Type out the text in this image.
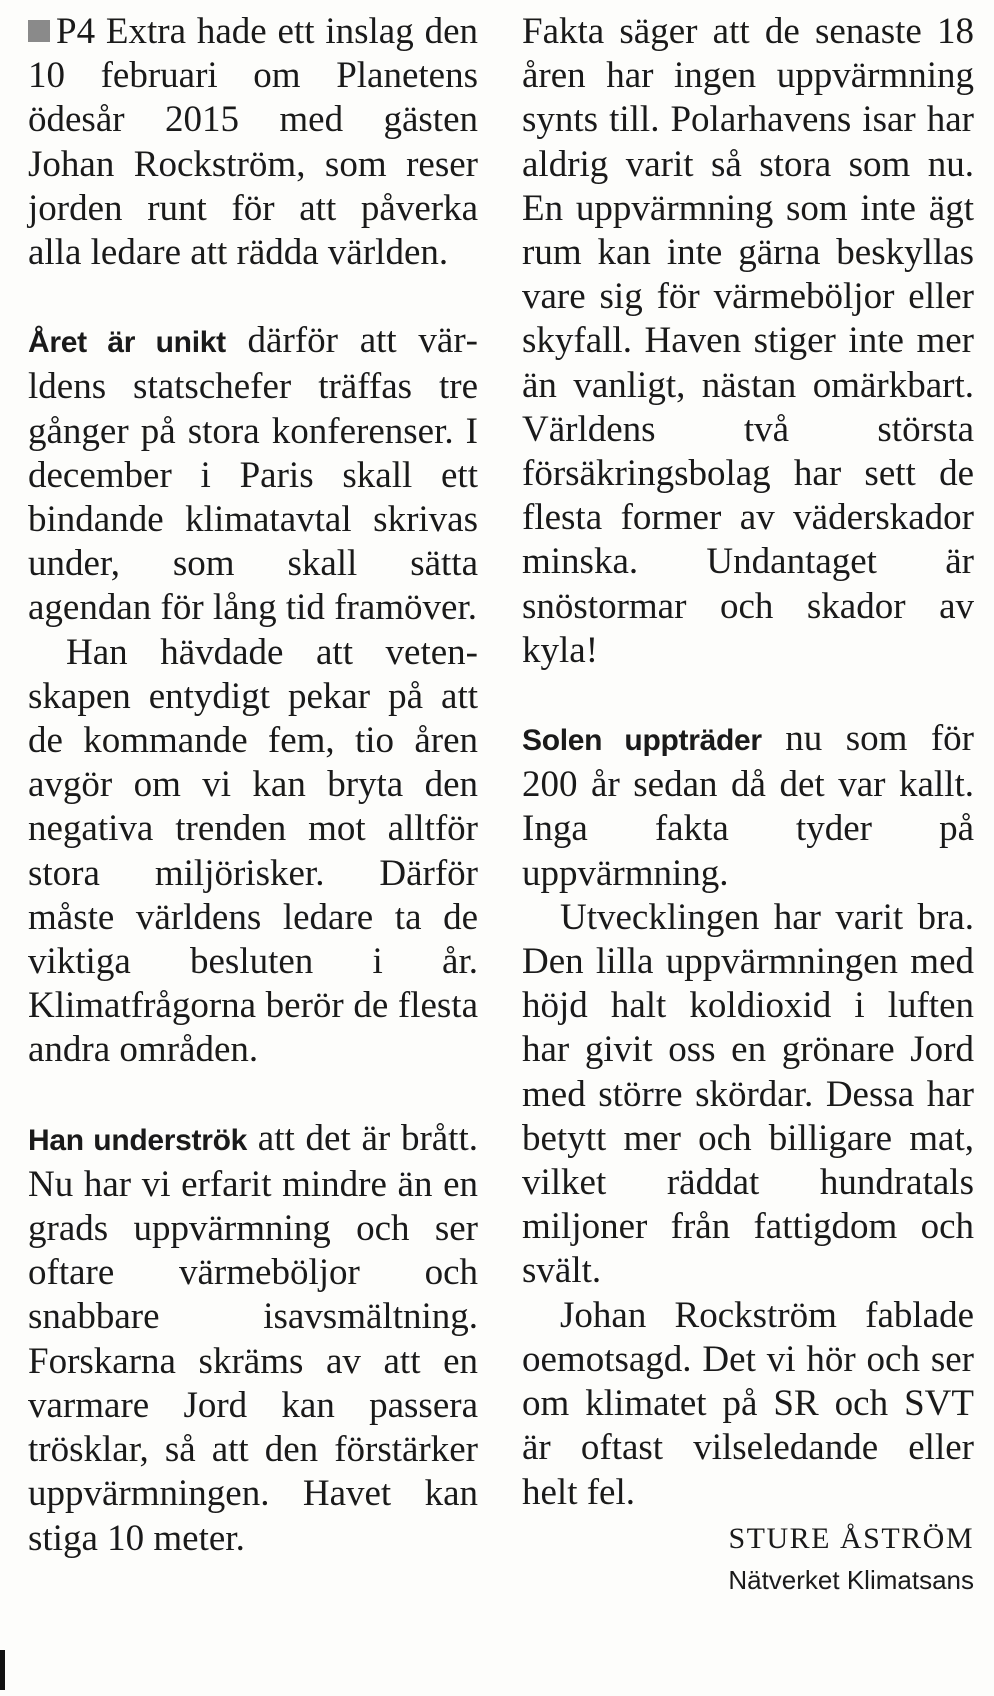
P4 Extra hade ett inslag den 10 februari om Planetens ödesår 2015 med gästen Johan Rockström, som reser jorden runt för att påverka alla ledare att rädda världen.

Året är unikt därför att världens statschefer träffas tre gånger på stora konferenser. I december i Paris skall ett bindande klimatavtal skrivas under, som skall sätta agendan för lång tid framöver.

Han hävdade att vetenskapen entydigt pekar på att de kommande fem, tio åren avgör om vi kan bryta den negativa trenden mot alltför stora miljörisker. Därför måste världens ledare ta de viktiga besluten i år. Klimatfrågorna berör de flesta andra områden.

Han underströk att det är brått. Nu har vi erfarit mindre än en grads uppvärmning och ser oftare värmeböljor och snabbare isavsmältning. Forskarna skräms av att en varmare Jord kan passera trösklar, så att den förstärker uppvärmningen. Havet kan stiga 10 meter.

Fakta säger att de senaste 18 åren har ingen uppvärmning synts till. Polarhavens isar har aldrig varit så stora som nu. En uppvärmning som inte ägt rum kan inte gärna beskyllas vare sig för värmeböljor eller skyfall. Haven stiger inte mer än vanligt, nästan omärkbart. Världens två största försäkringsbolag har sett de flesta former av väderskador minska. Undantaget är snöstormar och skador av kyla!

Solen uppträder nu som för 200 år sedan då det var kallt. Inga fakta tyder på uppvärmning.

Utvecklingen har varit bra. Den lilla uppvärmningen med höjd halt koldioxid i luften har givit oss en grönare Jord med större skördar. Dessa har betytt mer och billigare mat, vilket räddat hundratals miljoner från fattigdom och svält.

Johan Rockström fablade oemotsagd. Det vi hör och ser om klimatet på SR och SVT är oftast vilseledande eller helt fel.

STURE ÅSTRÖM
Nätverket Klimatsans
